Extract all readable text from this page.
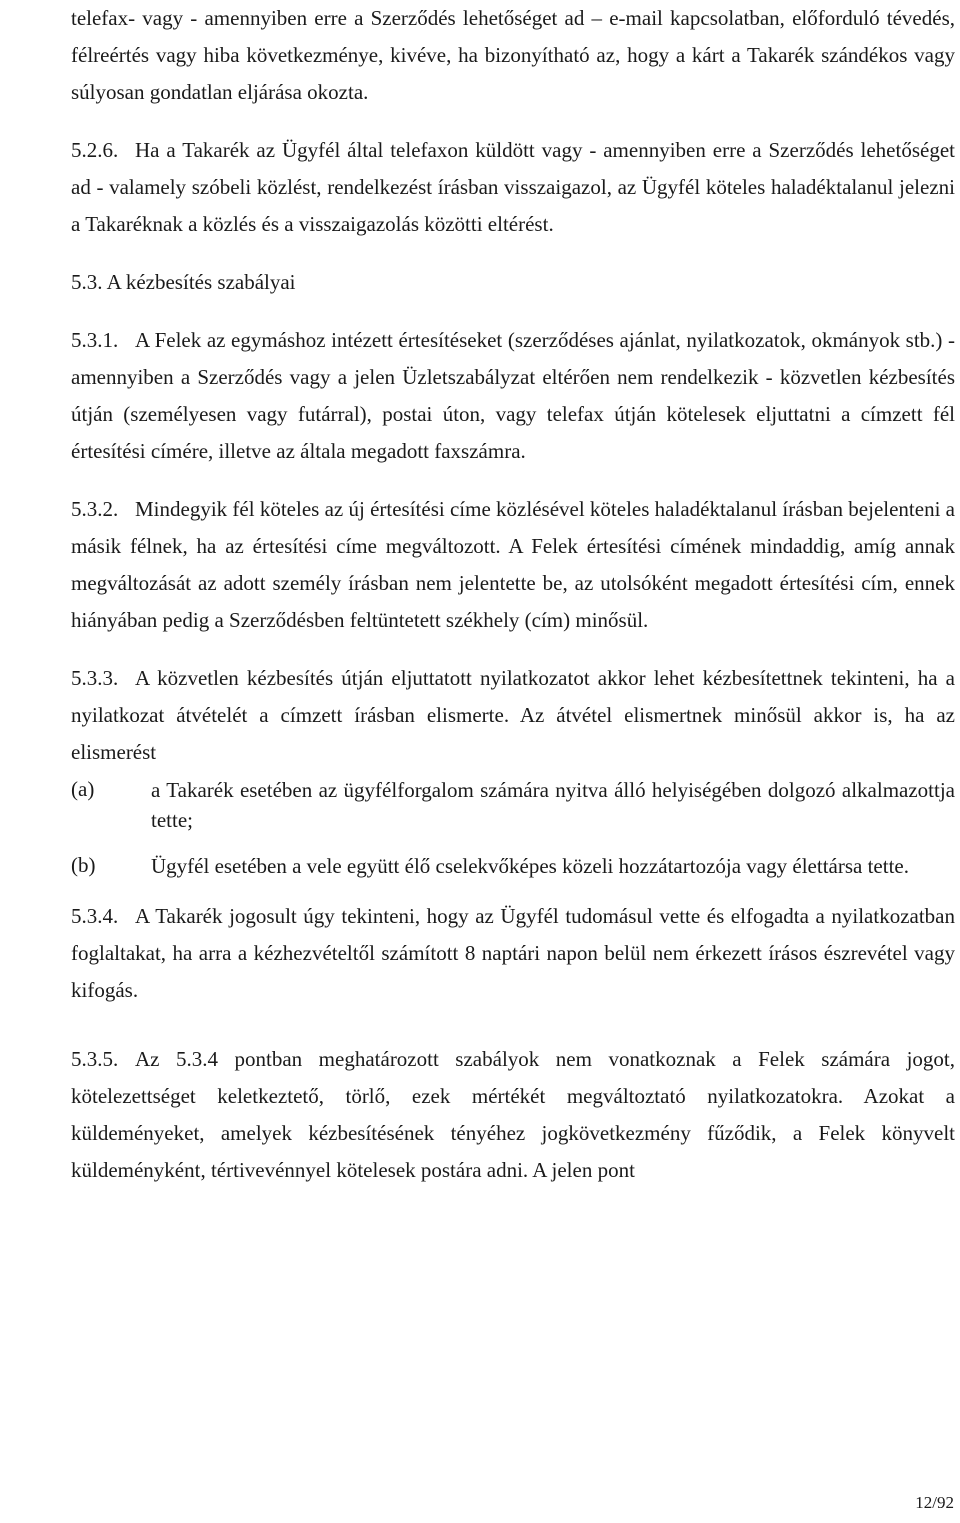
telefax- vagy - amennyiben erre a Szerződés lehetőséget ad – e-mail kapcsolatban, előforduló tévedés, félreértés vagy hiba következménye, kivéve, ha bizonyítható az, hogy a kárt a Takarék szándékos vagy súlyosan gondatlan eljárása okozta.

5.2.6. Ha a Takarék az Ügyfél által telefaxon küldött vagy - amennyiben erre a Szerződés lehetőséget ad - valamely szóbeli közlést, rendelkezést írásban visszaigazol, az Ügyfél köteles haladéktalanul jelezni a Takaréknak a közlés és a visszaigazolás közötti eltérést.

5.3. A kézbesítés szabályai

5.3.1. A Felek az egymáshoz intézett értesítéseket (szerződéses ajánlat, nyilatkozatok, okmányok stb.) - amennyiben a Szerződés vagy a jelen Üzletszabályzat eltérően nem rendelkezik - közvetlen kézbesítés útján (személyesen vagy futárral), postai úton, vagy telefax útján kötelesek eljuttatni a címzett fél értesítési címére, illetve az általa megadott faxszámra.

5.3.2. Mindegyik fél köteles az új értesítési címe közlésével köteles haladéktalanul írásban bejelenteni a másik félnek, ha az értesítési címe megváltozott. A Felek értesítési címének mindaddig, amíg annak megváltozását az adott személy írásban nem jelentette be, az utolsóként megadott értesítési cím, ennek hiányában pedig a Szerződésben feltüntetett székhely (cím) minősül.

5.3.3. A közvetlen kézbesítés útján eljuttatott nyilatkozatot akkor lehet kézbesítettnek tekinteni, ha a nyilatkozat átvételét a címzett írásban elismerte. Az átvétel elismertnek minősül akkor is, ha az elismerést

(a)	a Takarék esetében az ügyfélforgalom számára nyitva álló helyiségében dolgozó alkalmazottja tette;
(b)	Ügyfél esetében a vele együtt élő cselekvőképes közeli hozzátartozója vagy élettársa tette.

5.3.4. A Takarék jogosult úgy tekinteni, hogy az Ügyfél tudomásul vette és elfogadta a nyilatkozatban foglaltakat, ha arra a kézhezvételtől számított 8 naptári napon belül nem érkezett írásos észrevétel vagy kifogás.

5.3.5. Az 5.3.4 pontban meghatározott szabályok nem vonatkoznak a Felek számára jogot, kötelezettséget keletkeztető, törlő, ezek mértékét megváltoztató nyilatkozatokra. Azokat a küldeményeket, amelyek kézbesítésének tényéhez jogkövetkezmény fűződik, a Felek könyvelt küldeményként, tértivevénnyel kötelesek postára adni. A jelen pont

12/92
